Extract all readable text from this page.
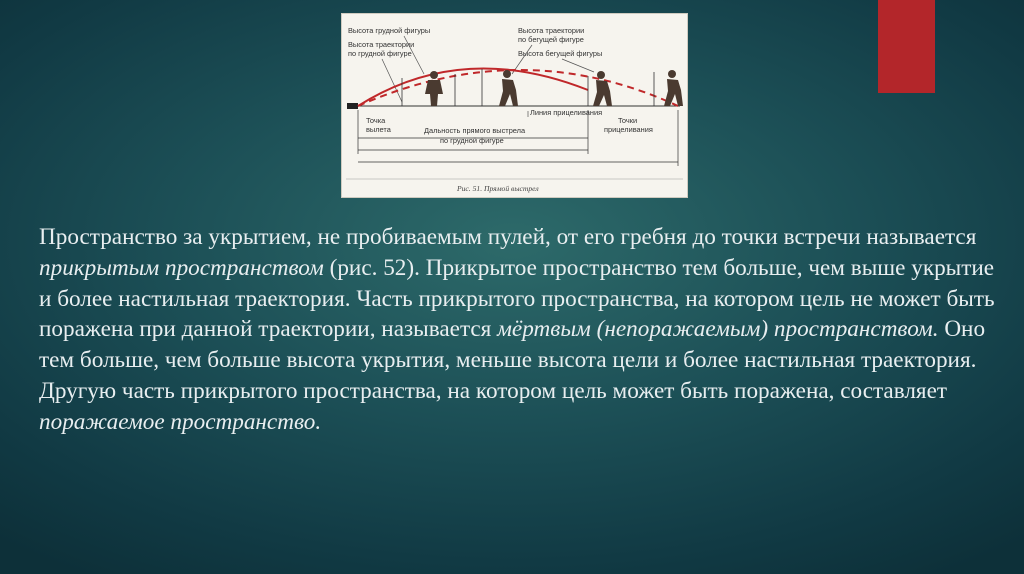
Высота грудной фигуры
Высота траектории
по грудной фигуре
Высота траектории
по бегущей фигуре
Высота бегущей фигуры
Линия прицеливания
Точка
вылета	Дальность прямого выстрела
по грудной фигуре
Точки
прицеливания
Рис. 51. Прямой выстрел

Пространство за укрытием, не пробиваемым пулей, от его гребня до точки встречи называется прикрытым пространством (рис. 52). Прикрытое пространство тем больше, чем выше укрытие и более настильная траектория. Часть прикрытого пространства, на котором цель не может быть поражена при данной траектории, называется мёртвым (непоражаемым) пространством. Оно тем больше, чем больше высота укрытия, меньше высота цели и более настильная траектория. Другую часть прикрытого пространства, на котором цель может быть поражена, составляет поражаемое пространство.
